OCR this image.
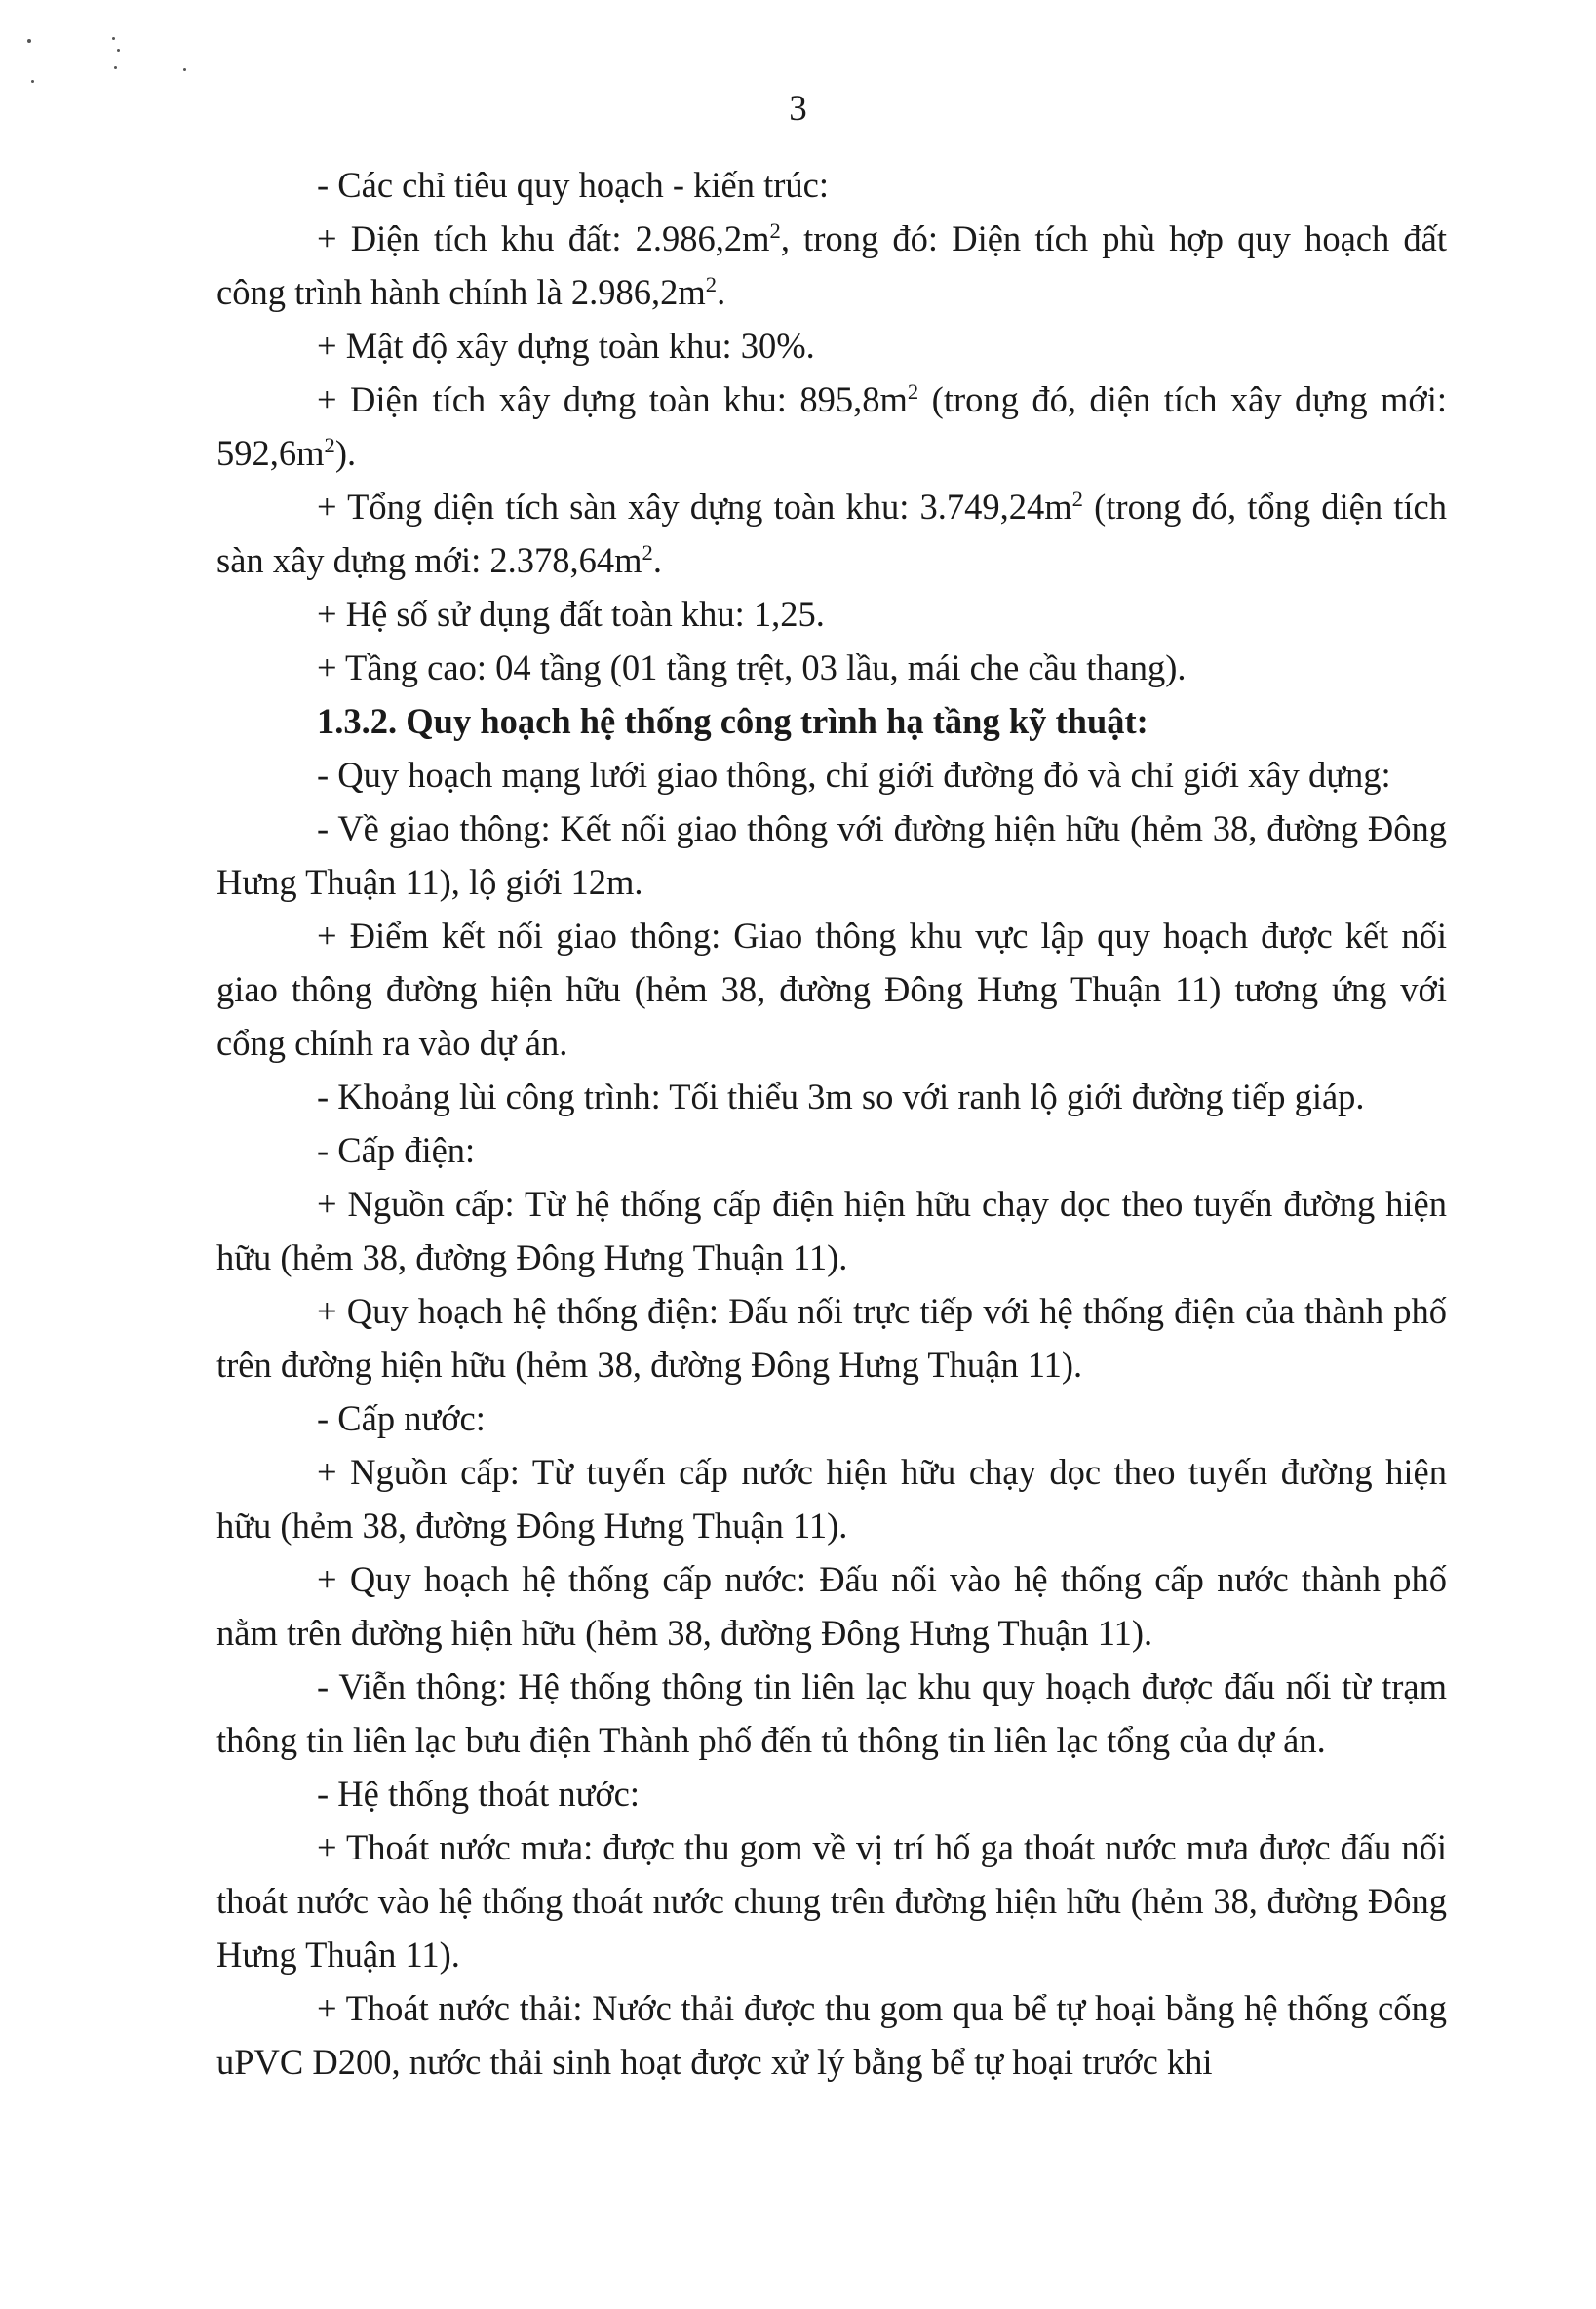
3

- Các chỉ tiêu quy hoạch - kiến trúc:

+ Diện tích khu đất: $2.986,2m^2$, trong đó: Diện tích phù hợp quy hoạch đất công trình hành chính là $2.986,2m^2$.

+ Mật độ xây dựng toàn khu: 30%.

+ Diện tích xây dựng toàn khu: $895,8m^2$ (trong đó, diện tích xây dựng mới: $592,6m^2$).

+ Tổng diện tích sàn xây dựng toàn khu: $3.749,24m^2$ (trong đó, tổng diện tích sàn xây dựng mới: $2.378,64m^2$.

+ Hệ số sử dụng đất toàn khu: 1,25.

+ Tầng cao: 04 tầng (01 tầng trệt, 03 lầu, mái che cầu thang).

1.3.2. Quy hoạch hệ thống công trình hạ tầng kỹ thuật:

- Quy hoạch mạng lưới giao thông, chỉ giới đường đỏ và chỉ giới xây dựng:

- Về giao thông: Kết nối giao thông với đường hiện hữu (hẻm 38, đường Đông Hưng Thuận 11), lộ giới 12m.

+ Điểm kết nối giao thông: Giao thông khu vực lập quy hoạch được kết nối giao thông đường hiện hữu (hẻm 38, đường Đông Hưng Thuận 11) tương ứng với cổng chính ra vào dự án.

- Khoảng lùi công trình: Tối thiểu 3m so với ranh lộ giới đường tiếp giáp.

- Cấp điện:

+ Nguồn cấp: Từ hệ thống cấp điện hiện hữu chạy dọc theo tuyến đường hiện hữu (hẻm 38, đường Đông Hưng Thuận 11).

+ Quy hoạch hệ thống điện: Đấu nối trực tiếp với hệ thống điện của thành phố trên đường hiện hữu (hẻm 38, đường Đông Hưng Thuận 11).

- Cấp nước:

+ Nguồn cấp: Từ tuyến cấp nước hiện hữu chạy dọc theo tuyến đường hiện hữu (hẻm 38, đường Đông Hưng Thuận 11).

+ Quy hoạch hệ thống cấp nước: Đấu nối vào hệ thống cấp nước thành phố nằm trên đường hiện hữu (hẻm 38, đường Đông Hưng Thuận 11).

- Viễn thông: Hệ thống thông tin liên lạc khu quy hoạch được đấu nối từ trạm thông tin liên lạc bưu điện Thành phố đến tủ thông tin liên lạc tổng của dự án.

- Hệ thống thoát nước:

+ Thoát nước mưa: được thu gom về vị trí hố ga thoát nước mưa được đấu nối thoát nước vào hệ thống thoát nước chung trên đường hiện hữu (hẻm 38, đường Đông Hưng Thuận 11).

+ Thoát nước thải: Nước thải được thu gom qua bể tự hoại bằng hệ thống cống uPVC D200, nước thải sinh hoạt được xử lý bằng bể tự hoại trước khi
